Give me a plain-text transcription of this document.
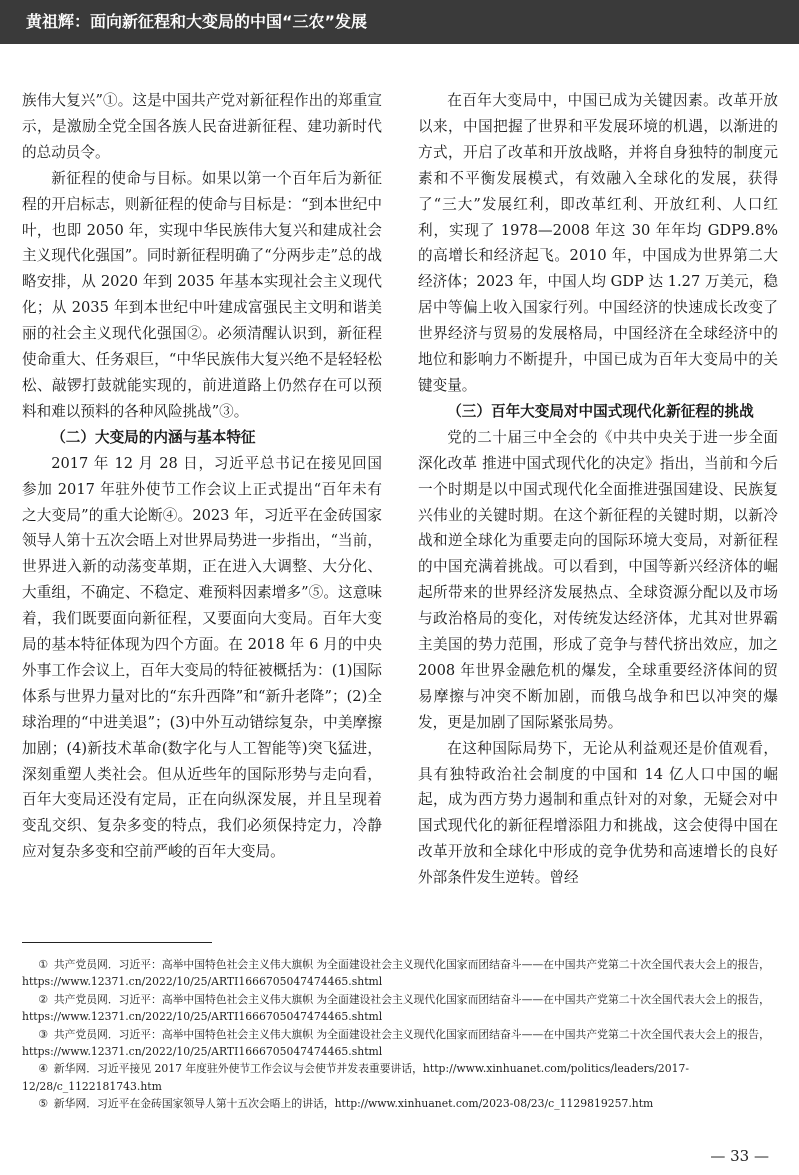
黄祖辉：面向新征程和大变局的中国“三农”发展

族伟大复兴”①。这是中国共产党对新征程作出的郑重宣示，是激励全党全国各族人民奋进新征程、建功新时代的总动员令。

新征程的使命与目标。如果以第一个百年后为新征程的开启标志，则新征程的使命与目标是：“到本世纪中叶，也即 2050 年，实现中华民族伟大复兴和建成社会主义现代化强国”。同时新征程明确了“分两步走”总的战略安排，从 2020 年到 2035 年基本实现社会主义现代化；从 2035 年到本世纪中叶建成富强民主文明和谐美丽的社会主义现代化强国②。必须清醒认识到，新征程使命重大、任务艰巨，“中华民族伟大复兴绝不是轻轻松松、敲锣打鼓就能实现的，前进道路上仍然存在可以预料和难以预料的各种风险挑战”③。

（二）大变局的内涵与基本特征

2017 年 12 月 28 日，习近平总书记在接见回国参加 2017 年驻外使节工作会议上正式提出“百年未有之大变局”的重大论断④。2023 年，习近平在金砖国家领导人第十五次会晤上对世界局势进一步指出，“当前，世界进入新的动荡变革期，正在进入大调整、大分化、大重组，不确定、不稳定、难预料因素增多”⑤。这意味着，我们既要面向新征程，又要面向大变局。百年大变局的基本特征体现为四个方面。在 2018 年 6 月的中央外事工作会议上，百年大变局的特征被概括为：(1)国际体系与世界力量对比的“东升西降”和“新升老降”；(2)全球治理的“中进美退”；(3)中外互动错综复杂，中美摩擦加剧；(4)新技术革命(数字化与人工智能等)突飞猛进，深刻重塑人类社会。但从近些年的国际形势与走向看，百年大变局还没有定局，正在向纵深发展，并且呈现着变乱交织、复杂多变的特点，我们必须保持定力，冷静应对复杂多变和空前严峻的百年大变局。

在百年大变局中，中国已成为关键因素。改革开放以来，中国把握了世界和平发展环境的机遇，以渐进的方式，开启了改革和开放战略，并将自身独特的制度元素和不平衡发展模式，有效融入全球化的发展，获得了“三大”发展红利，即改革红利、开放红利、人口红利，实现了 1978—2008 年这 30 年年均 GDP9.8%的高增长和经济起飞。2010 年，中国成为世界第二大经济体；2023 年，中国人均 GDP 达 1.27 万美元，稳居中等偏上收入国家行列。中国经济的快速成长改变了世界经济与贸易的发展格局，中国经济在全球经济中的地位和影响力不断提升，中国已成为百年大变局中的关键变量。

（三）百年大变局对中国式现代化新征程的挑战

党的二十届三中全会的《中共中央关于进一步全面深化改革 推进中国式现代化的决定》指出，当前和今后一个时期是以中国式现代化全面推进强国建设、民族复兴伟业的关键时期。在这个新征程的关键时期，以新冷战和逆全球化为重要走向的国际环境大变局，对新征程的中国充满着挑战。可以看到，中国等新兴经济体的崛起所带来的世界经济发展热点、全球资源分配以及市场与政治格局的变化，对传统发达经济体，尤其对世界霸主美国的势力范围，形成了竞争与替代挤出效应，加之 2008 年世界金融危机的爆发，全球重要经济体间的贸易摩擦与冲突不断加剧，而俄乌战争和巴以冲突的爆发，更是加剧了国际紧张局势。

在这种国际局势下，无论从利益观还是价值观看，具有独特政治社会制度的中国和 14 亿人口中国的崛起，成为西方势力遏制和重点针对的对象，无疑会对中国式现代化的新征程增添阻力和挑战，这会使得中国在改革开放和全球化中形成的竞争优势和高速增长的良好外部条件发生逆转。曾经

① 共产党员网．习近平：高举中国特色社会主义伟大旗帜 为全面建设社会主义现代化国家而团结奋斗——在中国共产党第二十次全国代表大会上的报告，https://www.12371.cn/2022/10/25/ARTI1666705047474465.shtml

② 共产党员网．习近平：高举中国特色社会主义伟大旗帜 为全面建设社会主义现代化国家而团结奋斗——在中国共产党第二十次全国代表大会上的报告，https://www.12371.cn/2022/10/25/ARTI1666705047474465.shtml

③ 共产党员网．习近平：高举中国特色社会主义伟大旗帜 为全面建设社会主义现代化国家而团结奋斗——在中国共产党第二十次全国代表大会上的报告，https://www.12371.cn/2022/10/25/ARTI1666705047474465.shtml

④ 新华网．习近平接见 2017 年度驻外使节工作会议与会使节并发表重要讲话，http://www.xinhuanet.com/politics/leaders/2017-12/28/c_1122181743.htm

⑤ 新华网．习近平在金砖国家领导人第十五次会晤上的讲话，http://www.xinhuanet.com/2023-08/23/c_1129819257.htm

— 33 —
